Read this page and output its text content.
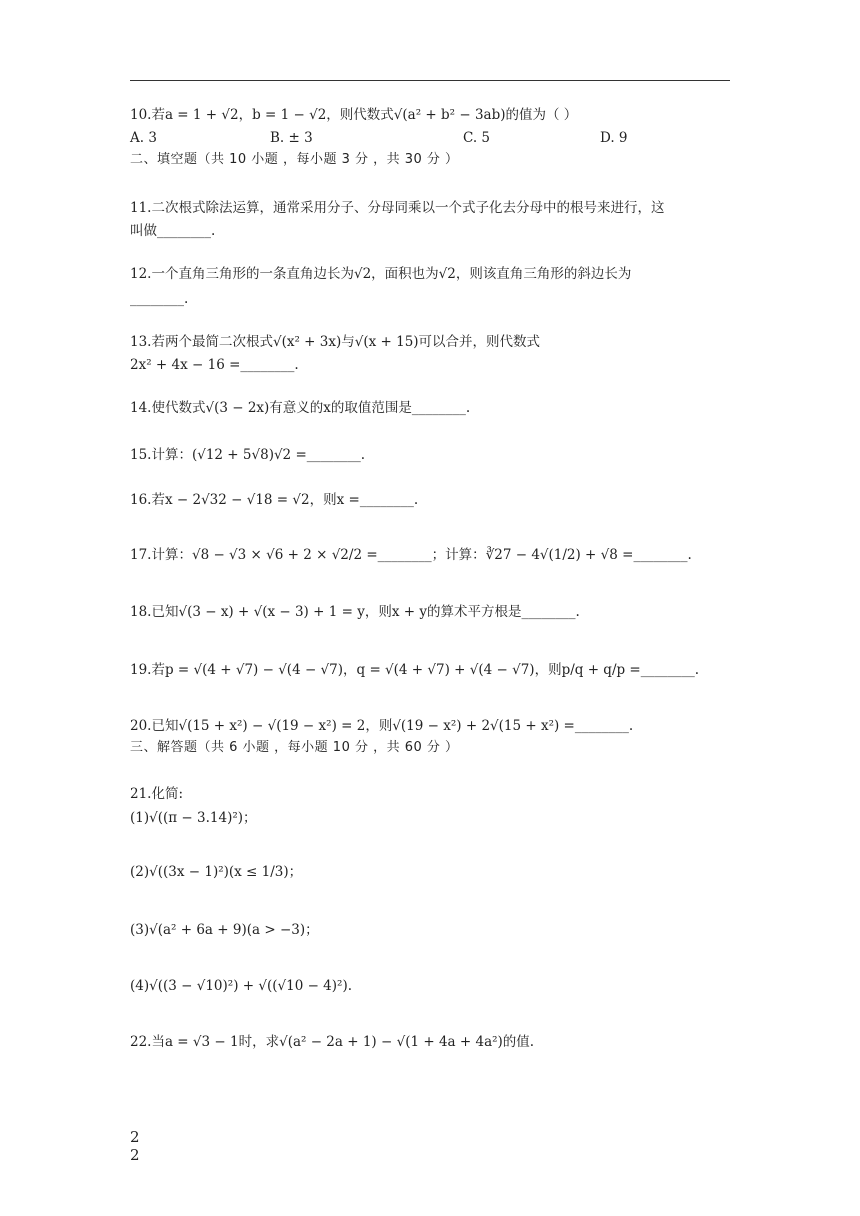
10.若a = 1 + √2，b = 1 − √2，则代数式√(a² + b² − 3ab)的值为（ ）
A. 3	B. ± 3	C. 5	D. 9
二、填空题（共 10 小题 ，每小题 3 分 ，共 30 分 ）
11.二次根式除法运算，通常采用分子、分母同乘以一个式子化去分母中的根号来进行，这
叫做________.
12.一个直角三角形的一条直角边长为√2，面积也为√2，则该直角三角形的斜边长为
________.
13.若两个最简二次根式√(x² + 3x)与√(x + 15)可以合并，则代数式
2x² + 4x − 16 =________.
14.使代数式√(3 − 2x)有意义的x的取值范围是________.
15.计算：(√12 + 5√8)√2 =________.
16.若x − 2√32 − √18 = √2，则x =________.
17.计算：√8 − √3 × √6 + 2 × √2/2 =________；计算：∛27 − 4√(1/2) + √8 =________.
18.已知√(3 − x) + √(x − 3) + 1 = y，则x + y的算术平方根是________.
19.若p = √(4 + √7) − √(4 − √7)，q = √(4 + √7) + √(4 − √7)，则p/q + q/p =________.
20.已知√(15 + x²) − √(19 − x²) = 2，则√(19 − x²) + 2√(15 + x²) =________.
三、解答题（共 6 小题 ，每小题 10 分 ，共 60 分 ）
21.化简:
(1)√((π − 3.14)²)；
(2)√((3x − 1)²)(x ≤ 1/3)；
(3)√(a² + 6a + 9)(a > −3)；
(4)√((3 − √10)²) + √((√10 − 4)²).
22.当a = √3 − 1时，求√(a² − 2a + 1) − √(1 + 4a + 4a²)的值.
2
2
